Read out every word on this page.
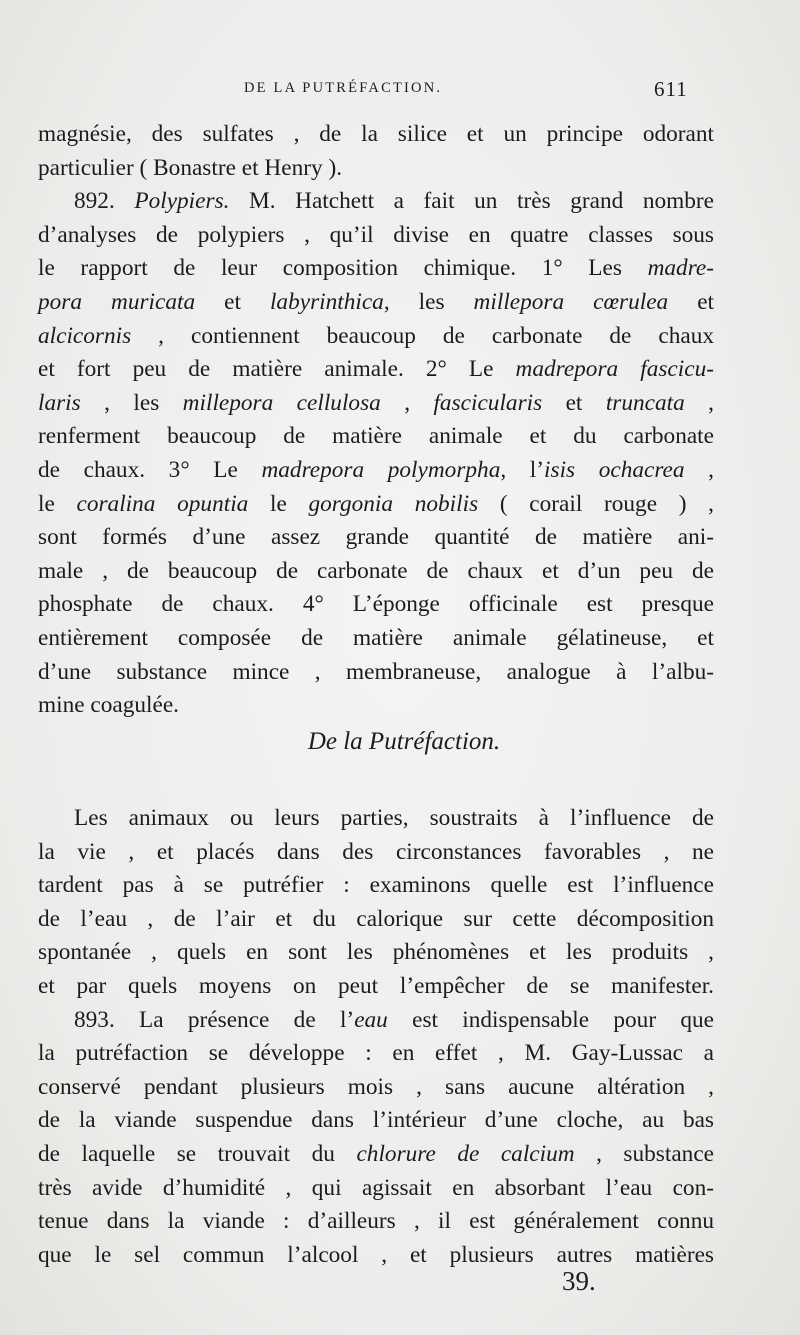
DE LA PUTRÉFACTION.	611
magnésie, des sulfates , de la silice et un principe odorant
particulier ( Bonastre et Henry ).
892. Polypiers. M. Hatchett a fait un très grand nombre
d’analyses de polypiers , qu’il divise en quatre classes sous
le rapport de leur composition chimique. 1° Les madre-
pora muricata et labyrinthica, les millepora cœrulea et
alcicornis , contiennent beaucoup de carbonate de chaux
et fort peu de matière animale. 2° Le madrepora fascicu-
laris , les millepora cellulosa , fascicularis et truncata ,
renferment beaucoup de matière animale et du carbonate
de chaux. 3° Le madrepora polymorpha, l’isis ochacrea ,
le coralina opuntia le gorgonia nobilis ( corail rouge ) ,
sont formés d’une assez grande quantité de matière ani-
male , de beaucoup de carbonate de chaux et d’un peu de
phosphate de chaux. 4° L’éponge officinale est presque
entièrement composée de matière animale gélatineuse, et
d’une substance mince , membraneuse, analogue à l’albu-
mine coagulée.
De la Putréfaction.
Les animaux ou leurs parties, soustraits à l’influence de
la vie , et placés dans des circonstances favorables , ne
tardent pas à se putréfier : examinons quelle est l’influence
de l’eau , de l’air et du calorique sur cette décomposition
spontanée , quels en sont les phénomènes et les produits ,
et par quels moyens on peut l’empêcher de se manifester.
893. La présence de l’eau est indispensable pour que
la putréfaction se développe : en effet , M. Gay-Lussac a
conservé pendant plusieurs mois , sans aucune altération ,
de la viande suspendue dans l’intérieur d’une cloche, au bas
de laquelle se trouvait du chlorure de calcium , substance
très avide d’humidité , qui agissait en absorbant l’eau con-
tenue dans la viande : d’ailleurs , il est généralement connu
que le sel commun l’alcool , et plusieurs autres matières
39.
